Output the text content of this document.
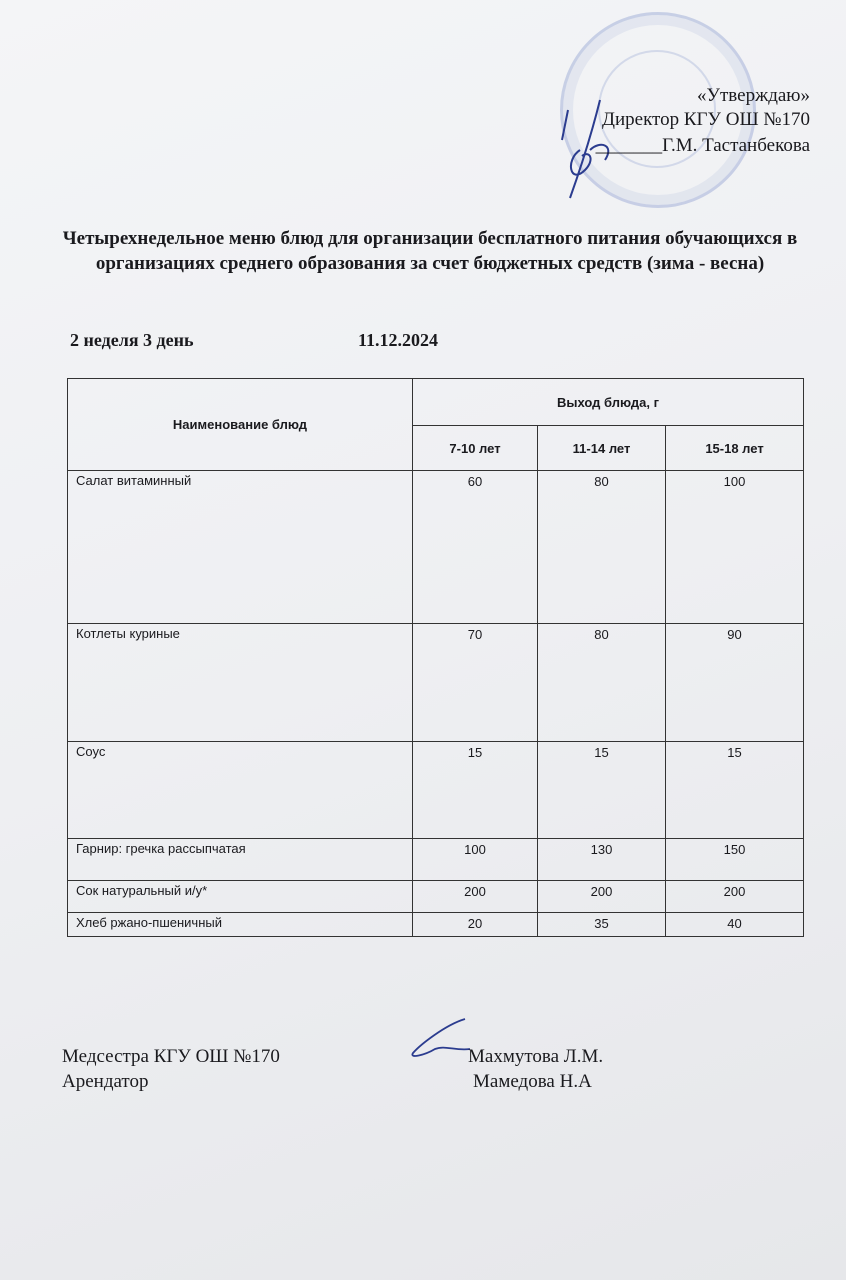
«Утверждаю»
Директор КГУ ОШ №170
_______Г.М. Тастанбекова
Четырехнедельное меню блюд для организации бесплатного питания обучающихся в организациях среднего образования за счет бюджетных средств (зима - весна)
2 неделя 3 день	11.12.2024
Наименование блюд	Выход блюда, г		
	7-10 лет	11-14 лет	15-18 лет
Салат витаминный	60	80	100
Котлеты куриные	70	80	90
Соус	15	15	15
Гарнир: гречка рассыпчатая	100	130	150
Сок натуральный и/у*	200	200	200
Хлеб ржано-пшеничный	20	35	40
Медсестра КГУ ОШ №170	Махмутова Л.М.
Арендатор	Мамедова Н.А
